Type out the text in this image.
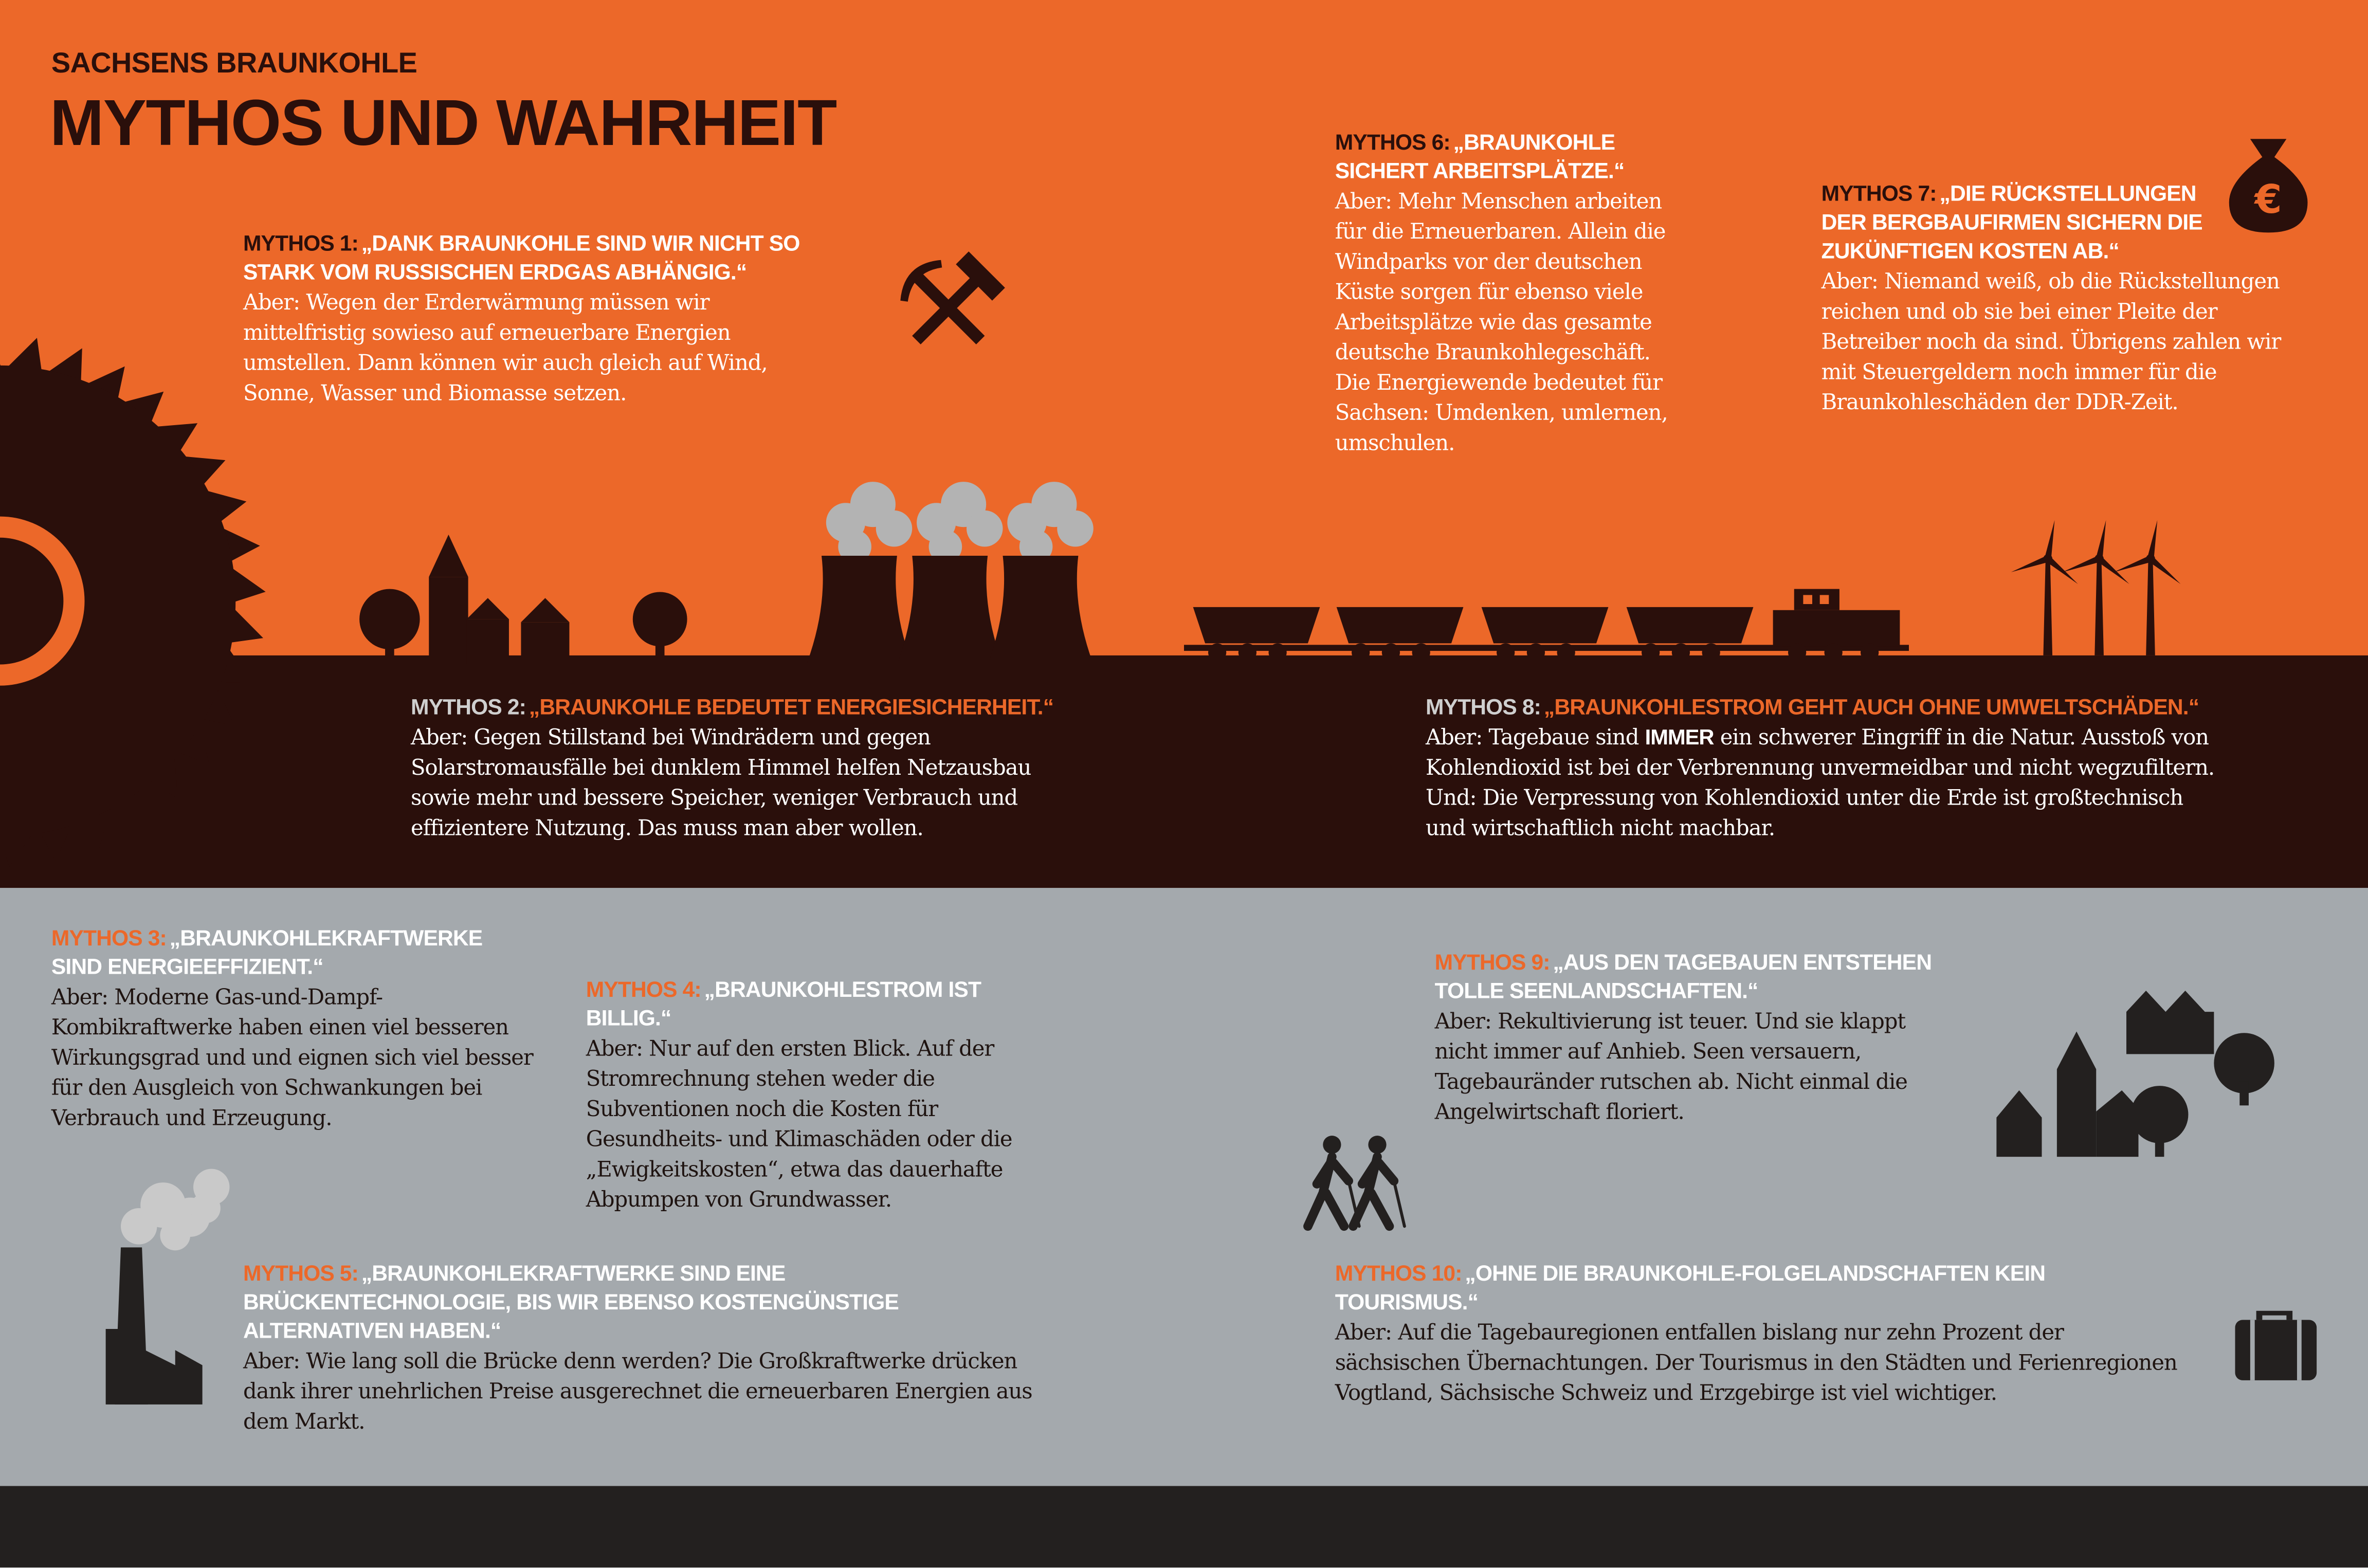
€

SACHSENS BRAUNKOHLE

MYTHOS UND WAHRHEIT

MYTHOS 1: „DANK BRAUNKOHLE SIND WIR NICHT SO STARK VOM RUSSISCHEN ERDGAS ABHÄNGIG.“

Aber: Wegen der Erderwärmung müssen wir mittelfristig sowieso auf erneuerbare Energien umstellen. Dann können wir auch gleich auf Wind, Sonne, Wasser und Biomasse setzen.

MYTHOS 6: „BRAUNKOHLE SICHERT ARBEITSPLÄTZE.“

Aber: Mehr Menschen arbeiten für die Erneuerbaren. Allein die Windparks vor der deutschen Küste sorgen für ebenso viele Arbeitsplätze wie das gesamte deutsche Braunkohlegeschäft. Die Energiewende bedeutet für Sachsen: Umdenken, umlernen, umschulen.

MYTHOS 7: „DIE RÜCKSTELLUNGEN DER BERGBAUFIRMEN SICHERN DIE ZUKÜNFTIGEN KOSTEN AB.“

Aber: Niemand weiß, ob die Rückstellungen reichen und ob sie bei einer Pleite der Betreiber noch da sind. Übrigens zahlen wir mit Steuergeldern noch immer für die Braunkohleschäden der DDR-Zeit.

MYTHOS 2: „BRAUNKOHLE BEDEUTET ENERGIESICHERHEIT.“

Aber: Gegen Stillstand bei Windrädern und gegen Solarstromausfälle bei dunklem Himmel helfen Netzausbau sowie mehr und bessere Speicher, weniger Verbrauch und effizientere Nutzung. Das muss man aber wollen.

MYTHOS 8: „BRAUNKOHLESTROM GEHT AUCH OHNE UMWELTSCHÄDEN.“

Aber: Tagebaue sind IMMER ein schwerer Eingriff in die Natur. Ausstoß von Kohlendioxid ist bei der Verbrennung unvermeidbar und nicht wegzufiltern. Und: Die Verpressung von Kohlendioxid unter die Erde ist großtechnisch und wirtschaftlich nicht machbar.

MYTHOS 3: „BRAUNKOHLEKRAFTWERKE SIND ENERGIEEFFIZIENT.“

Aber: Moderne Gas-und-Dampf-Kombikraftwerke haben einen viel besseren Wirkungsgrad und und eignen sich viel besser für den Ausgleich von Schwankungen bei Verbrauch und Erzeugung.

MYTHOS 4: „BRAUNKOHLESTROM IST BILLIG.“

Aber: Nur auf den ersten Blick. Auf der Stromrechnung stehen weder die Subventionen noch die Kosten für Gesundheits- und Klimaschäden oder die „Ewigkeitskosten“, etwa das dauerhafte Abpumpen von Grundwasser.

MYTHOS 5: „BRAUNKOHLEKRAFTWERKE SIND EINE BRÜCKENTECHNOLOGIE, BIS WIR EBENSO KOSTENGÜNSTIGE ALTERNATIVEN HABEN.“

Aber: Wie lang soll die Brücke denn werden? Die Großkraftwerke drücken dank ihrer unehrlichen Preise ausgerechnet die erneuerbaren Energien aus dem Markt.

MYTHOS 9: „AUS DEN TAGEBAUEN ENTSTEHEN TOLLE SEENLANDSCHAFTEN.“

Aber: Rekultivierung ist teuer. Und sie klappt nicht immer auf Anhieb. Seen versauern, Tagebauränder rutschen ab. Nicht einmal die Angelwirtschaft floriert.

MYTHOS 10: „OHNE DIE BRAUNKOHLE-FOLGELANDSCHAFTEN KEIN TOURISMUS.“

Aber: Auf die Tagebauregionen entfallen bislang nur zehn Prozent der sächsischen Übernachtungen. Der Tourismus in den Städten und Ferienregionen Vogtland, Sächsische Schweiz und Erzgebirge ist viel wichtiger.
